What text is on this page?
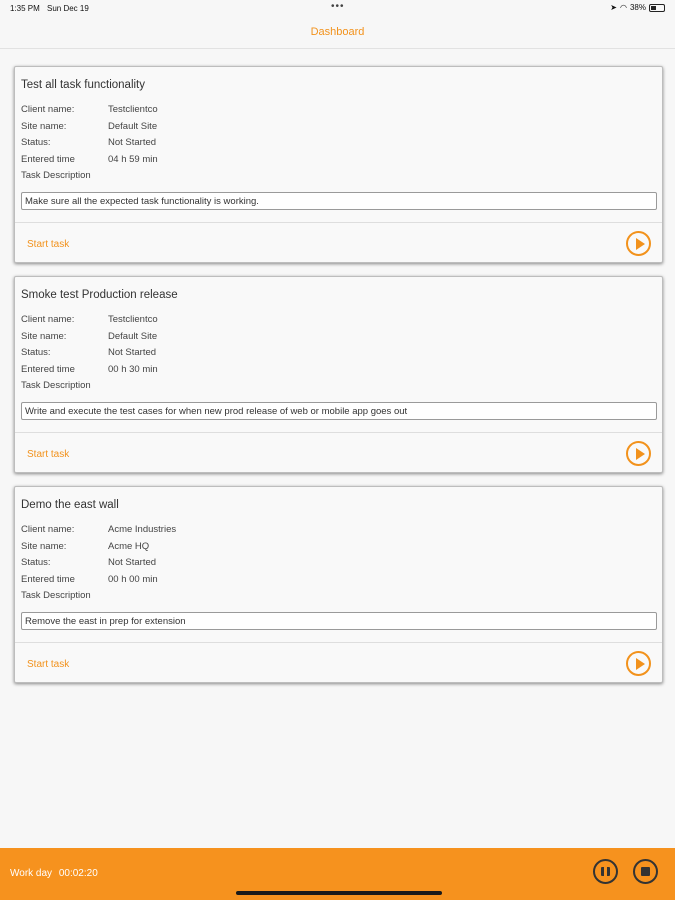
1:35 PM Sun Dec 19	•••	➤ ◠ 38%
Dashboard
Test all task functionality
Client name:	Testclientco
Site name:	Default Site
Status:	Not Started
Entered time	04 h 59 min
Task Description
Make sure all the expected task functionality is working.
Start task
Smoke test Production release
Client name:	Testclientco
Site name:	Default Site
Status:	Not Started
Entered time	00 h 30 min
Task Description
Write and execute the test cases for when new prod release of web or mobile app goes out
Start task
Demo the east wall
Client name:	Acme Industries
Site name:	Acme HQ
Status:	Not Started
Entered time	00 h 00 min
Task Description
Remove the east in prep for extension
Start task
Work day 00:02:20
